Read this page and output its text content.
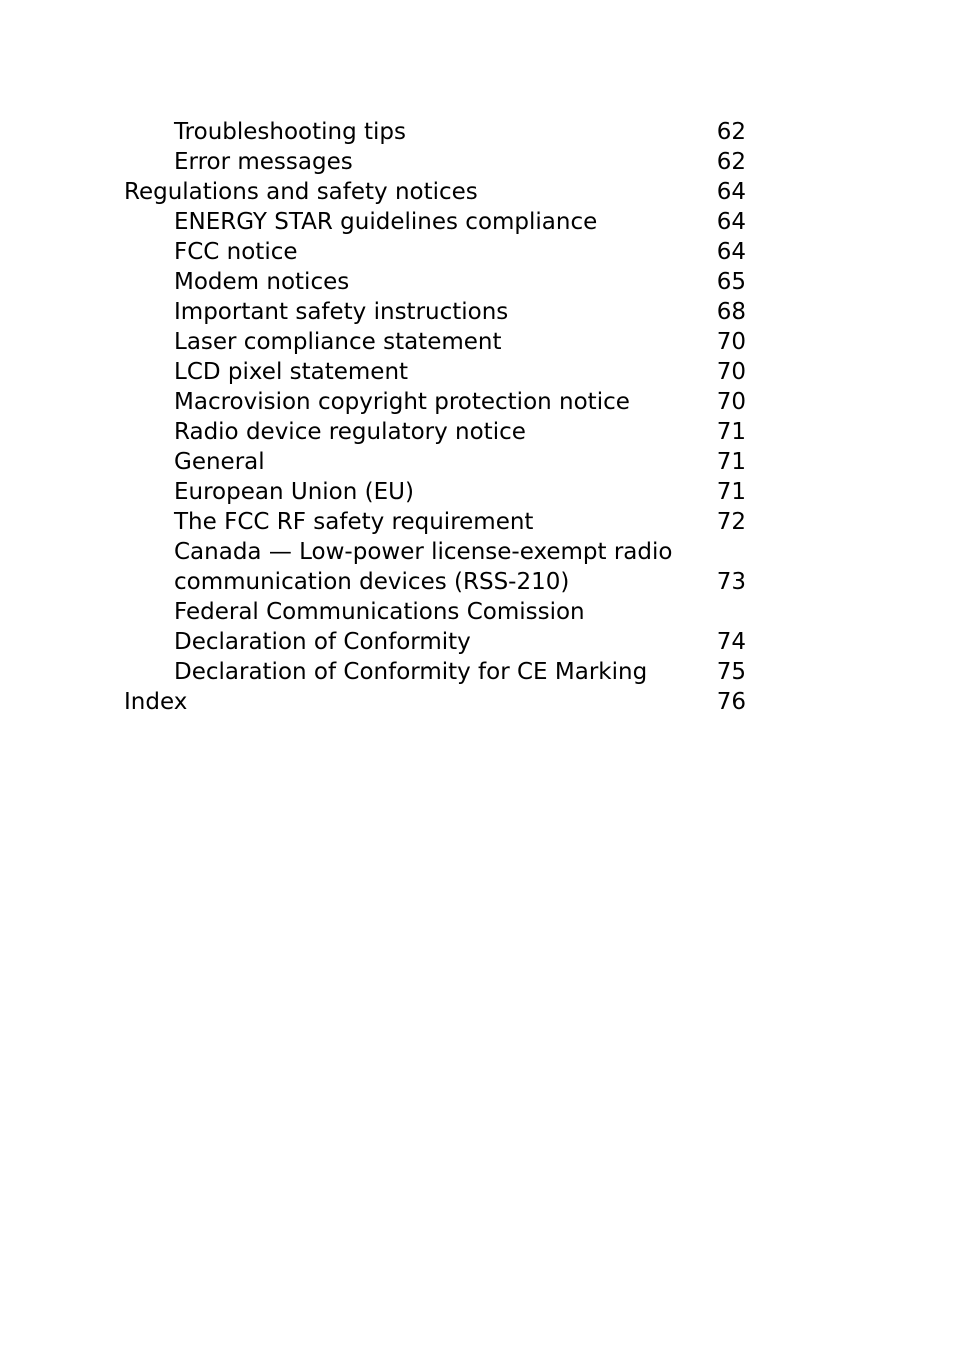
Troubleshooting tips	62
Error messages	62
Regulations and safety notices	64
ENERGY STAR guidelines compliance	64
FCC notice	64
Modem notices	65
Important safety instructions	68
Laser compliance statement	70
LCD pixel statement	70
Macrovision copyright protection notice	70
Radio device regulatory notice	71
General	71
European Union (EU)	71
The FCC RF safety requirement	72
Canada — Low-power license-exempt radio
communication devices (RSS-210)	73
Federal Communications Comission
Declaration of Conformity	74
Declaration of Conformity for CE Marking	75
Index	76
